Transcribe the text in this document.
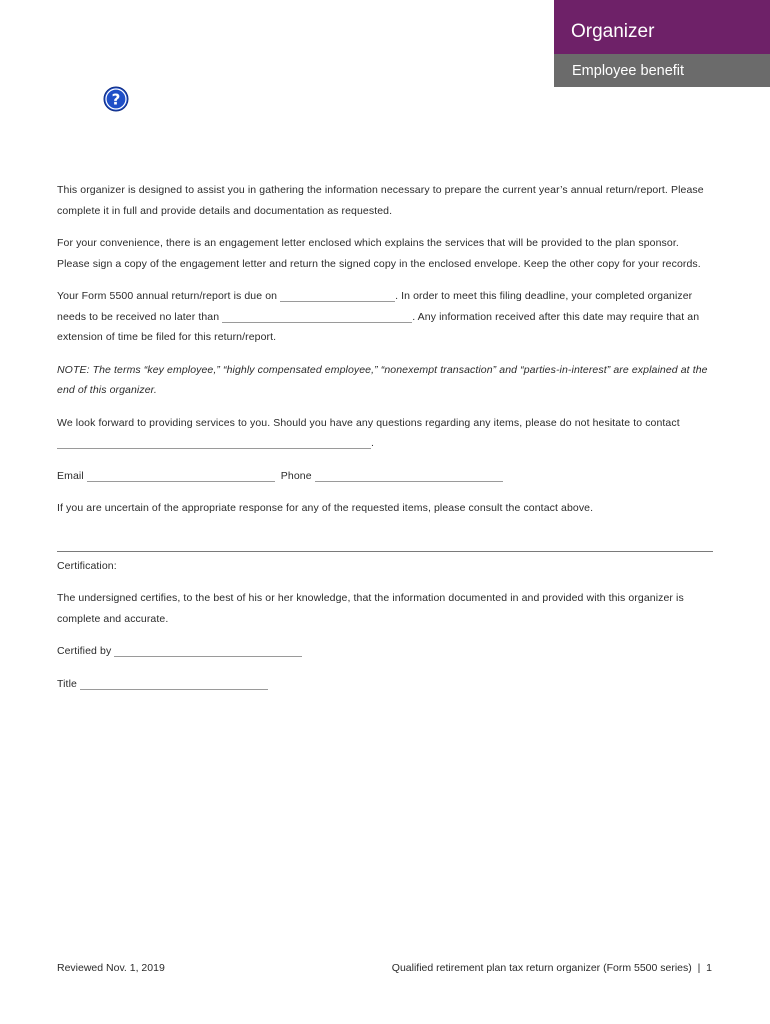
Organizer
Employee benefit
?

This organizer is designed to assist you in gathering the information necessary to prepare the current year’s annual return/report. Please complete it in full and provide details and documentation as requested.

For your convenience, there is an engagement letter enclosed which explains the services that will be provided to the plan sponsor. Please sign a copy of the engagement letter and return the signed copy in the enclosed envelope. Keep the other copy for your records.

Your Form 5500 annual return/report is due on	. In order to meet this filing deadline, your completed organizer needs to be received no later than	. Any information received after this date may require that an extension of time be filed for this return/report.

NOTE: The terms “key employee,” “highly compensated employee,” “nonexempt transaction” and “parties-in-interest” are explained at the end of this organizer.

We look forward to providing services to you. Should you have any questions regarding any items, please do not hesitate to contact .

Email	Phone

If you are uncertain of the appropriate response for any of the requested items, please consult the contact above.

Certification:

The undersigned certifies, to the best of his or her knowledge, that the information documented in and provided with this organizer is complete and accurate.

Certified by

Title

Reviewed Nov. 1, 2019	Qualified retirement plan tax return organizer (Form 5500 series)  |  1
